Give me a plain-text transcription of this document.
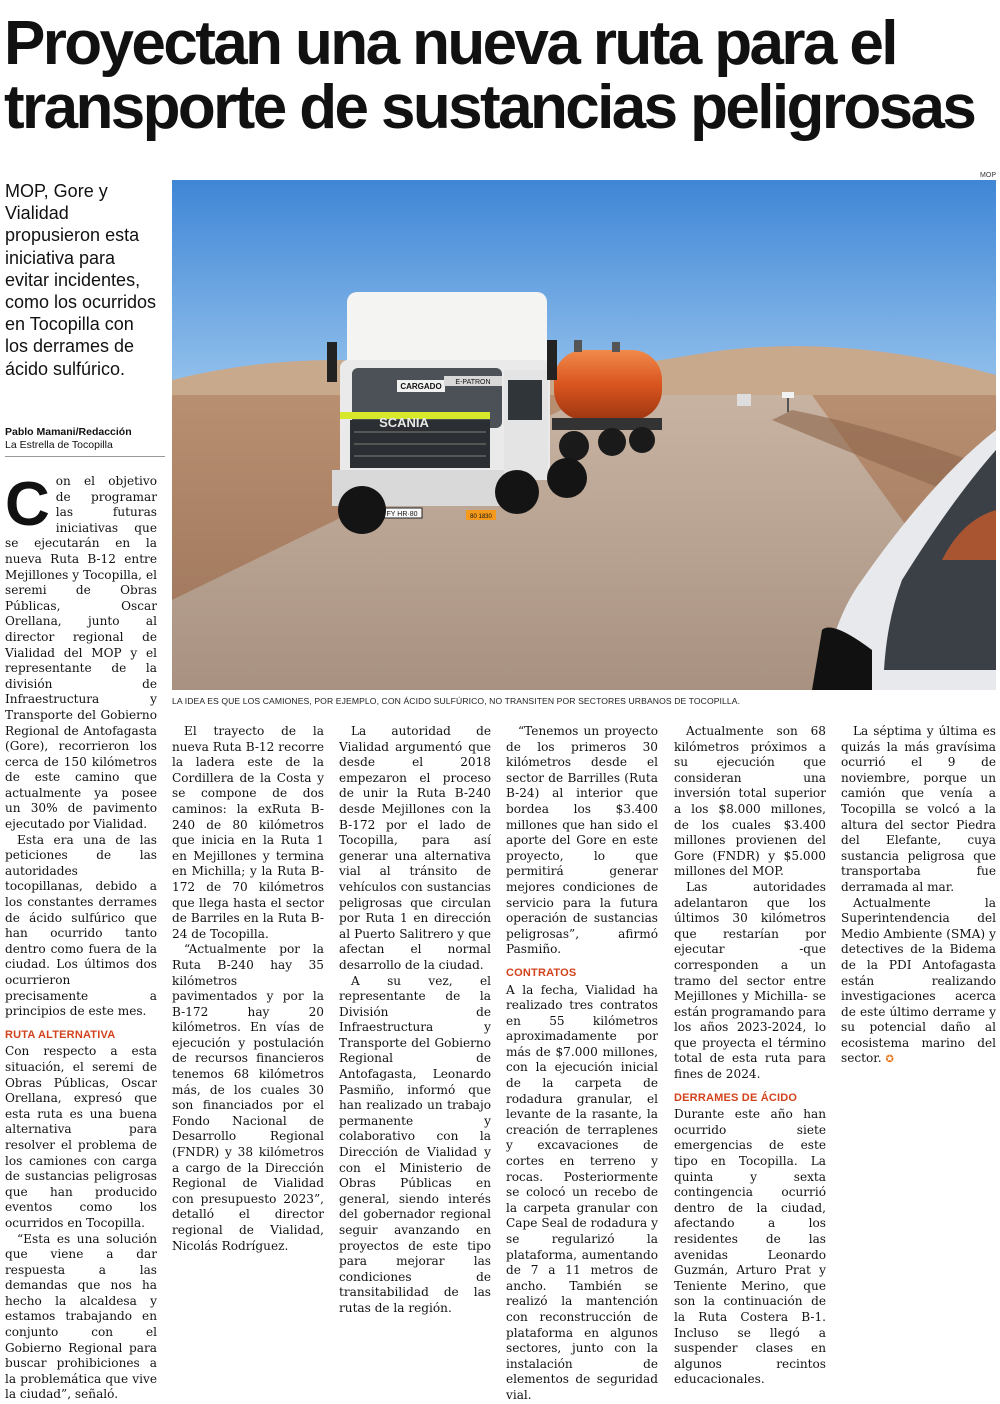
Proyectan una nueva ruta para el transporte de sustancias peligrosas
MOP, Gore y Vialidad propusieron esta iniciativa para evitar incidentes, como los ocurridos en Tocopilla con los derrames de ácido sulfúrico.
Pablo Mamani/Redacción
La Estrella de Tocopilla
MOP
CARGADO E-PATRON
SCANIA
FY HR·80	80 1830
LA IDEA ES QUE LOS CAMIONES, POR EJEMPLO, CON ÁCIDO SULFÚRICO, NO TRANSITEN POR SECTORES URBANOS DE TOCOPILLA.

Con el objetivo de programar las futuras iniciativas que se ejecutarán en la nueva Ruta B-12 entre Mejillones y Tocopilla, el seremi de Obras Públicas, Oscar Orellana, junto al director regional de Vialidad del MOP y el representante de la división de Infraestructura y Transporte del Gobierno Regional de Antofagasta (Gore), recorrieron los cerca de 150 kilómetros de este camino que actualmente ya posee un 30% de pavimento ejecutado por Vialidad.

Esta era una de las peticiones de las autoridades tocopillanas, debido a los constantes derrames de ácido sulfúrico que han ocurrido tanto dentro como fuera de la ciudad. Los últimos dos ocurrieron precisamente a principios de este mes.

RUTA ALTERNATIVA

Con respecto a esta situación, el seremi de Obras Públicas, Oscar Orellana, expresó que esta ruta es una buena alternativa para resolver el problema de los camiones con carga de sustancias peligrosas que han producido eventos como los ocurridos en Tocopilla.

“Esta es una solución que viene a dar respuesta a las demandas que nos ha hecho la alcaldesa y estamos trabajando en conjunto con el Gobierno Regional para buscar prohibiciones a la problemática que vive la ciudad”, señaló.

El trayecto de la nueva Ruta B-12 recorre la ladera este de la Cordillera de la Costa y se compone de dos caminos: la exRuta B-240 de 80 kilómetros que inicia en la Ruta 1 en Mejillones y termina en Michilla; y la Ruta B-172 de 70 kilómetros que llega hasta el sector de Barriles en la Ruta B-24 de Tocopilla.

“Actualmente por la Ruta B-240 hay 35 kilómetros pavimentados y por la B-172 hay 20 kilómetros. En vías de ejecución y postulación de recursos financieros tenemos 68 kilómetros más, de los cuales 30 son financiados por el Fondo Nacional de Desarrollo Regional (FNDR) y 38 kilómetros a cargo de la Dirección Regional de Vialidad con presupuesto 2023”, detalló el director regional de Vialidad, Nicolás Rodríguez.

La autoridad de Vialidad argumentó que desde el 2018 empezaron el proceso de unir la Ruta B-240 desde Mejillones con la B-172 por el lado de Tocopilla, para así generar una alternativa vial al tránsito de vehículos con sustancias peligrosas que circulan por Ruta 1 en dirección al Puerto Salitrero y que afectan el normal desarrollo de la ciudad.

A su vez, el representante de la División de Infraestructura y Transporte del Gobierno Regional de Antofagasta, Leonardo Pasmiño, informó que han realizado un trabajo permanente y colaborativo con la Dirección de Vialidad y con el Ministerio de Obras Públicas en general, siendo interés del gobernador regional seguir avanzando en proyectos de este tipo para mejorar las condiciones de transitabilidad de las rutas de la región.

“Tenemos un proyecto de los primeros 30 kilómetros desde el sector de Barrilles (Ruta B-24) al interior que bordea los $3.400 millones que han sido el aporte del Gore en este proyecto, lo que permitirá generar mejores condiciones de servicio para la futura operación de sustancias peligrosas”, afirmó Pasmiño.

CONTRATOS

A la fecha, Vialidad ha realizado tres contratos en 55 kilómetros aproximadamente por más de $7.000 millones, con la ejecución inicial de la carpeta de rodadura granular, el levante de la rasante, la creación de terraplenes y excavaciones de cortes en terreno y rocas. Posteriormente se colocó un recebo de la carpeta granular con Cape Seal de rodadura y se regularizó la plataforma, aumentando de 7 a 11 metros de ancho. También se realizó la mantención con reconstrucción de plataforma en algunos sectores, junto con la instalación de elementos de seguridad vial.

Actualmente son 68 kilómetros próximos a su ejecución que consideran una inversión total superior a los $8.000 millones, de los cuales $3.400 millones provienen del Gore (FNDR) y $5.000 millones del MOP.

Las autoridades adelantaron que los últimos 30 kilómetros que restarían por ejecutar -que corresponden a un tramo del sector entre Mejillones y Michilla- se están programando para los años 2023-2024, lo que proyecta el término total de esta ruta para fines de 2024.

DERRAMES DE ÁCIDO

Durante este año han ocurrido siete emergencias de este tipo en Tocopilla. La quinta y sexta contingencia ocurrió dentro de la ciudad, afectando a los residentes de las avenidas Leonardo Guzmán, Arturo Prat y Teniente Merino, que son la continuación de la Ruta Costera B-1. Incluso se llegó a suspender clases en algunos recintos educacionales.

La séptima y última es quizás la más gravísima ocurrió el 9 de noviembre, porque un camión que venía a Tocopilla se volcó a la altura del sector Piedra del Elefante, cuya sustancia peligrosa que transportaba fue derramada al mar.

Actualmente la Superintendencia del Medio Ambiente (SMA) y detectives de la Bidema de la PDI Antofagasta están realizando investigaciones acerca de este último derrame y su potencial daño al ecosistema marino del sector. ✪
